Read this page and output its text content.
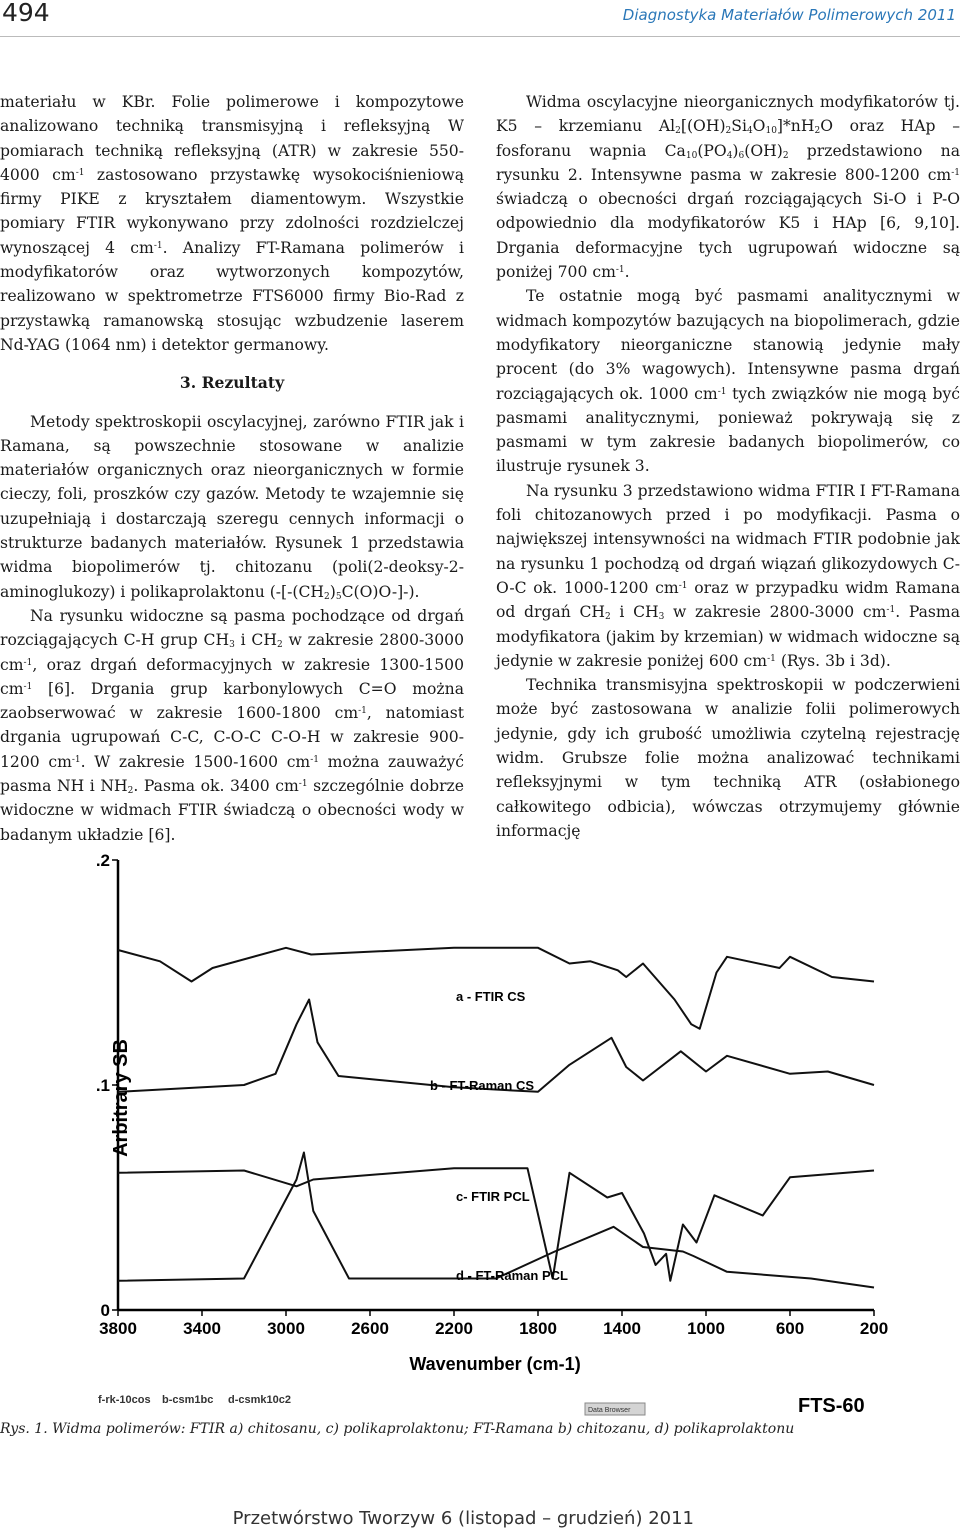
494	Diagnostyka Materiałów Polimerowych 2011

materiału w KBr. Folie polimerowe i kompozytowe analizowano techniką transmisyjną i refleksyjną W pomiarach techniką refleksyjną (ATR) w zakresie 550-4000 $cm^{-1}$ zastosowano przystawkę wysokociśnieniową firmy PIKE z kryształem diamentowym. Wszystkie pomiary FTIR wykonywano przy zdolności rozdzielczej wynoszącej 4 $cm^{-1}$. Analizy FT-Ramana polimerów i modyfikatorów oraz wytworzonych kompozytów, realizowano w spektrometrze FTS6000 firmy Bio-Rad z przystawką ramanowską stosując wzbudzenie laserem Nd-YAG (1064 nm) i detektor germanowy.

3. Rezultaty

Metody spektroskopii oscylacyjnej, zarówno FTIR jak i Ramana, są powszechnie stosowane w analizie materiałów organicznych oraz nieorganicznych w formie cieczy, foli, proszków czy gazów. Metody te wzajemnie się uzupełniają i dostarczają szeregu cennych informacji o strukturze badanych materiałów. Rysunek 1 przedstawia widma biopolimerów tj. chitozanu (poli(2-deoksy-2-aminoglukozy) i polikaprolaktonu $(-[-(CH_2)_5C(O)O-]-)$.

Na rysunku widoczne są pasma pochodzące od drgań rozciągających C-H grup $CH_3$ i $CH_2$ w zakresie 2800-3000 $cm^{-1}$, oraz drgań deformacyjnych w zakresie 1300-1500 $cm^{-1}$ [6]. Drgania grup karbonylowych C=O można zaobserwować w zakresie 1600-1800 $cm^{-1}$, natomiast drgania ugrupowań C-C, C-O-C C-O-H w zakresie 900-1200 $cm^{-1}$. W zakresie 1500-1600 $cm^{-1}$ można zauważyć pasma NH i $NH_2$. Pasma ok. 3400 $cm^{-1}$ szczególnie dobrze widoczne w widmach FTIR świadczą o obecności wody w badanym układzie [6].

Widma oscylacyjne nieorganicznych modyfikatorów tj. K5 – krzemianu $Al_2[(OH)_2Si_4O_{10}]*nH_2O$ oraz HAp – fosforanu wapnia $Ca_{10}(PO_4)_6(OH)_2$ przedstawiono na rysunku 2. Intensywne pasma w zakresie 800-1200 $cm^{-1}$ świadczą o obecności drgań rozciągających Si-O i P-O odpowiednio dla modyfikatorów K5 i HAp [6, 9,10]. Drgania deformacyjne tych ugrupowań widoczne są poniżej 700 $cm^{-1}$.

Te ostatnie mogą być pasmami analitycznymi w widmach kompozytów bazujących na biopolimerach, gdzie modyfikatory nieorganiczne stanowią jedynie mały procent (do 3% wagowych). Intensywne pasma drgań rozciągających ok. 1000 $cm^{-1}$ tych związków nie mogą być pasmami analitycznymi, ponieważ pokrywają się z pasmami w tym zakresie badanych biopolimerów, co ilustruje rysunek 3.

Na rysunku 3 przedstawiono widma FTIR I FT-Ramana foli chitozanowych przed i po modyfikacji. Pasma o największej intensywności na widmach FTIR podobnie jak na rysunku 1 pochodzą od drgań wiązań glikozydowych C-O-C ok. 1000-1200 $cm^{-1}$ oraz w przypadku widm Ramana od drgań $CH_2$ i $CH_3$ w zakresie 2800-3000 $cm^{-1}$. Pasma modyfikatora (jakim by krzemian) w widmach widoczne są jedynie w zakresie poniżej 600 $cm^{-1}$ (Rys. 3b i 3d).

Technika transmisyjna spektroskopii w podczerwieni może być zastosowana w analizie folii polimerowych jedynie, gdy ich grubość umożliwia czytelną rejestrację widm. Grubsze folie można analizować technikami refleksyjnymi w tym techniką ATR (osłabionego całkowitego odbicia), wówczas otrzymujemy głównie informację

a - FTIR CS
b - FT-Raman CS
c- FTIR PCL
d - FT-Raman PCL
3800	3400	3000	2600	2200	1800	1400	1000	600	200
.2
.1
0
Arbitrary SB
Wavenumber (cm-1)
f-rk-10cos b-csm1bc d-csmk10c2
Data Browser	FTS-60
Rys. 1. Widma polimerów: FTIR a) chitosanu, c) polikaprolaktonu; FT-Ramana b) chitozanu, d) polikaprolaktonu
Przetwórstwo Tworzyw 6 (listopad – grudzień) 2011
